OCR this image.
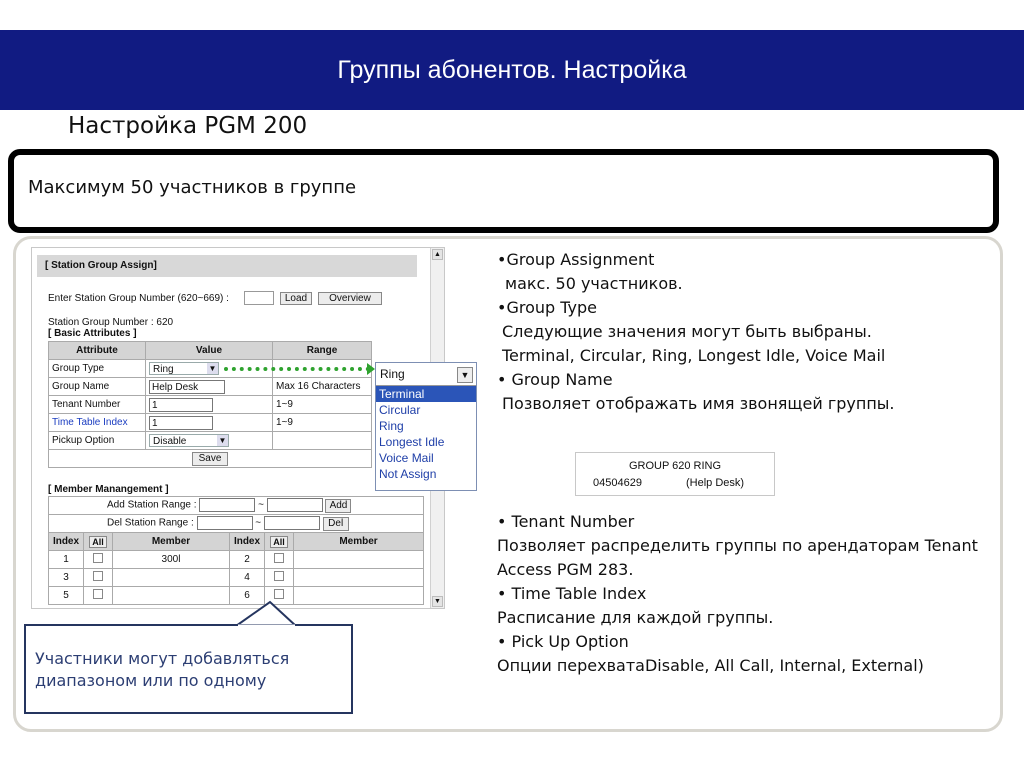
Группы абонентов. Настройка
Настройка PGM 200
Максимум 50 участников в группе
▲
▼
[ Station Group Assign]
Enter Station Group Number (620~669) :	Load	Overview
Station Group Number : 620
[ Basic Attributes ]
Attribute	Value	Range
Group Type	Ring ▼	

Group Name	Help Desk	Max 16 Characters
Tenant Number	1	1~9
Time Table Index	1	1~9
Pickup Option	Disable ▼	

Save		
[ Member Manangement ]
Add Station Range : ~ Add					
Del Station Range : ~ Del					
Index	All	Member	Index	All	Member
1		300l	2		
3			4		
5			6		
Ring	▼
Terminal
Circular
Ring
Longest Idle
Voice Mail
Not Assign
Участники могут добавляться
диапазоном или по одному
•Group Assignment
макс. 50 участников.
•Group Type
Следующие значения могут быть выбраны.
Terminal, Circular, Ring, Longest Idle, Voice Mail
• Group Name
Позволяет отображать имя звонящей группы.
GROUP 620 RING
04504629	(Help Desk)
• Tenant Number
Позволяет распределить группы по арендаторам Tenant
Access PGM 283.
• Time Table Index
Расписание для каждой группы.
• Pick Up Option
Опции перехватаDisable, All Call, Internal, External)
